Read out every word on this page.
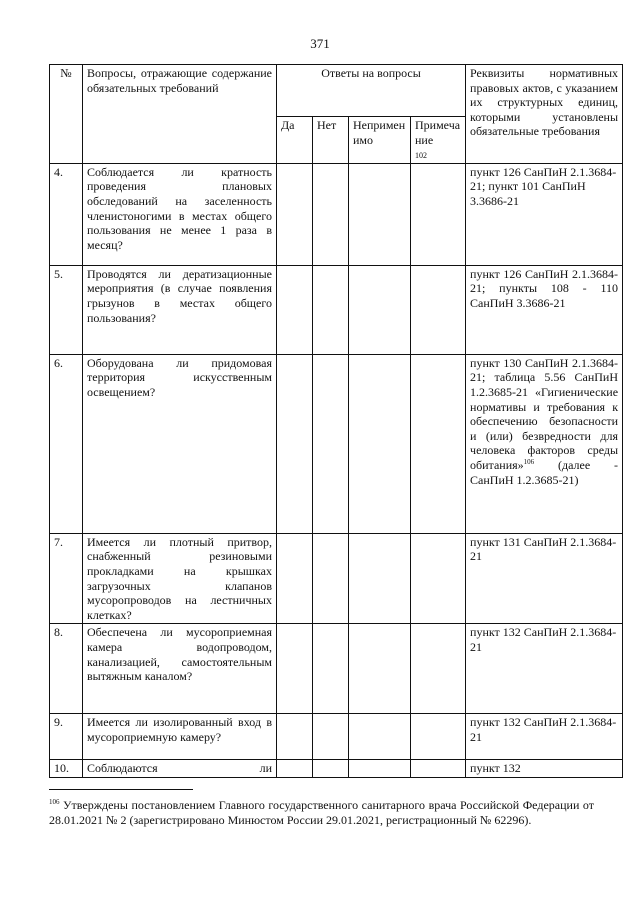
371
№	Вопросы, отражающие содержание обязательных требований	Ответы на вопросы				Реквизиты нормативных правовых актов, с указанием их структурных единиц, которыми установлены обязательные требования
		Да	Нет	Неприменимо	Примечание
102	
4.	Соблюдается ли кратность проведения плановых обследований на заселенность членистоногими в местах общего пользования не менее 1 раза в месяц?					пункт 126 СанПиН 2.1.3684-21; пункт 101 СанПиН 3.3686-21
5.	Проводятся ли дератизационные мероприятия (в случае появления грызунов в местах общего пользования?					пункт 126 СанПиН 2.1.3684-21; пункты 108 - 110 СанПиН 3.3686-21
6.	Оборудована ли придомовая территория искусственным освещением?					пункт 130 СанПиН 2.1.3684-21; таблица 5.56 СанПиН 1.2.3685-21 «Гигиенические нормативы и требования к обеспечению безопасности и (или) безвредности для человека факторов среды обитания»$^{106}$ (далее - СанПиН 1.2.3685-21)
7.	Имеется ли плотный притвор, снабженный резиновыми прокладками на крышках загрузочных клапанов мусоропроводов на лестничных клетках?					пункт 131 СанПиН 2.1.3684-21
8.	Обеспечена ли мусороприемная камера водопроводом, канализацией, самостоятельным вытяжным каналом?					пункт 132 СанПиН 2.1.3684-21
9.	Имеется ли изолированный вход в мусороприемную камеру?					пункт 132 СанПиН 2.1.3684-21
10.	Соблюдаются ли					пункт 132
$^{106}$ Утверждены постановлением Главного государственного санитарного врача Российской Федерации от 28.01.2021 № 2 (зарегистрировано Минюстом России 29.01.2021, регистрационный № 62296).
